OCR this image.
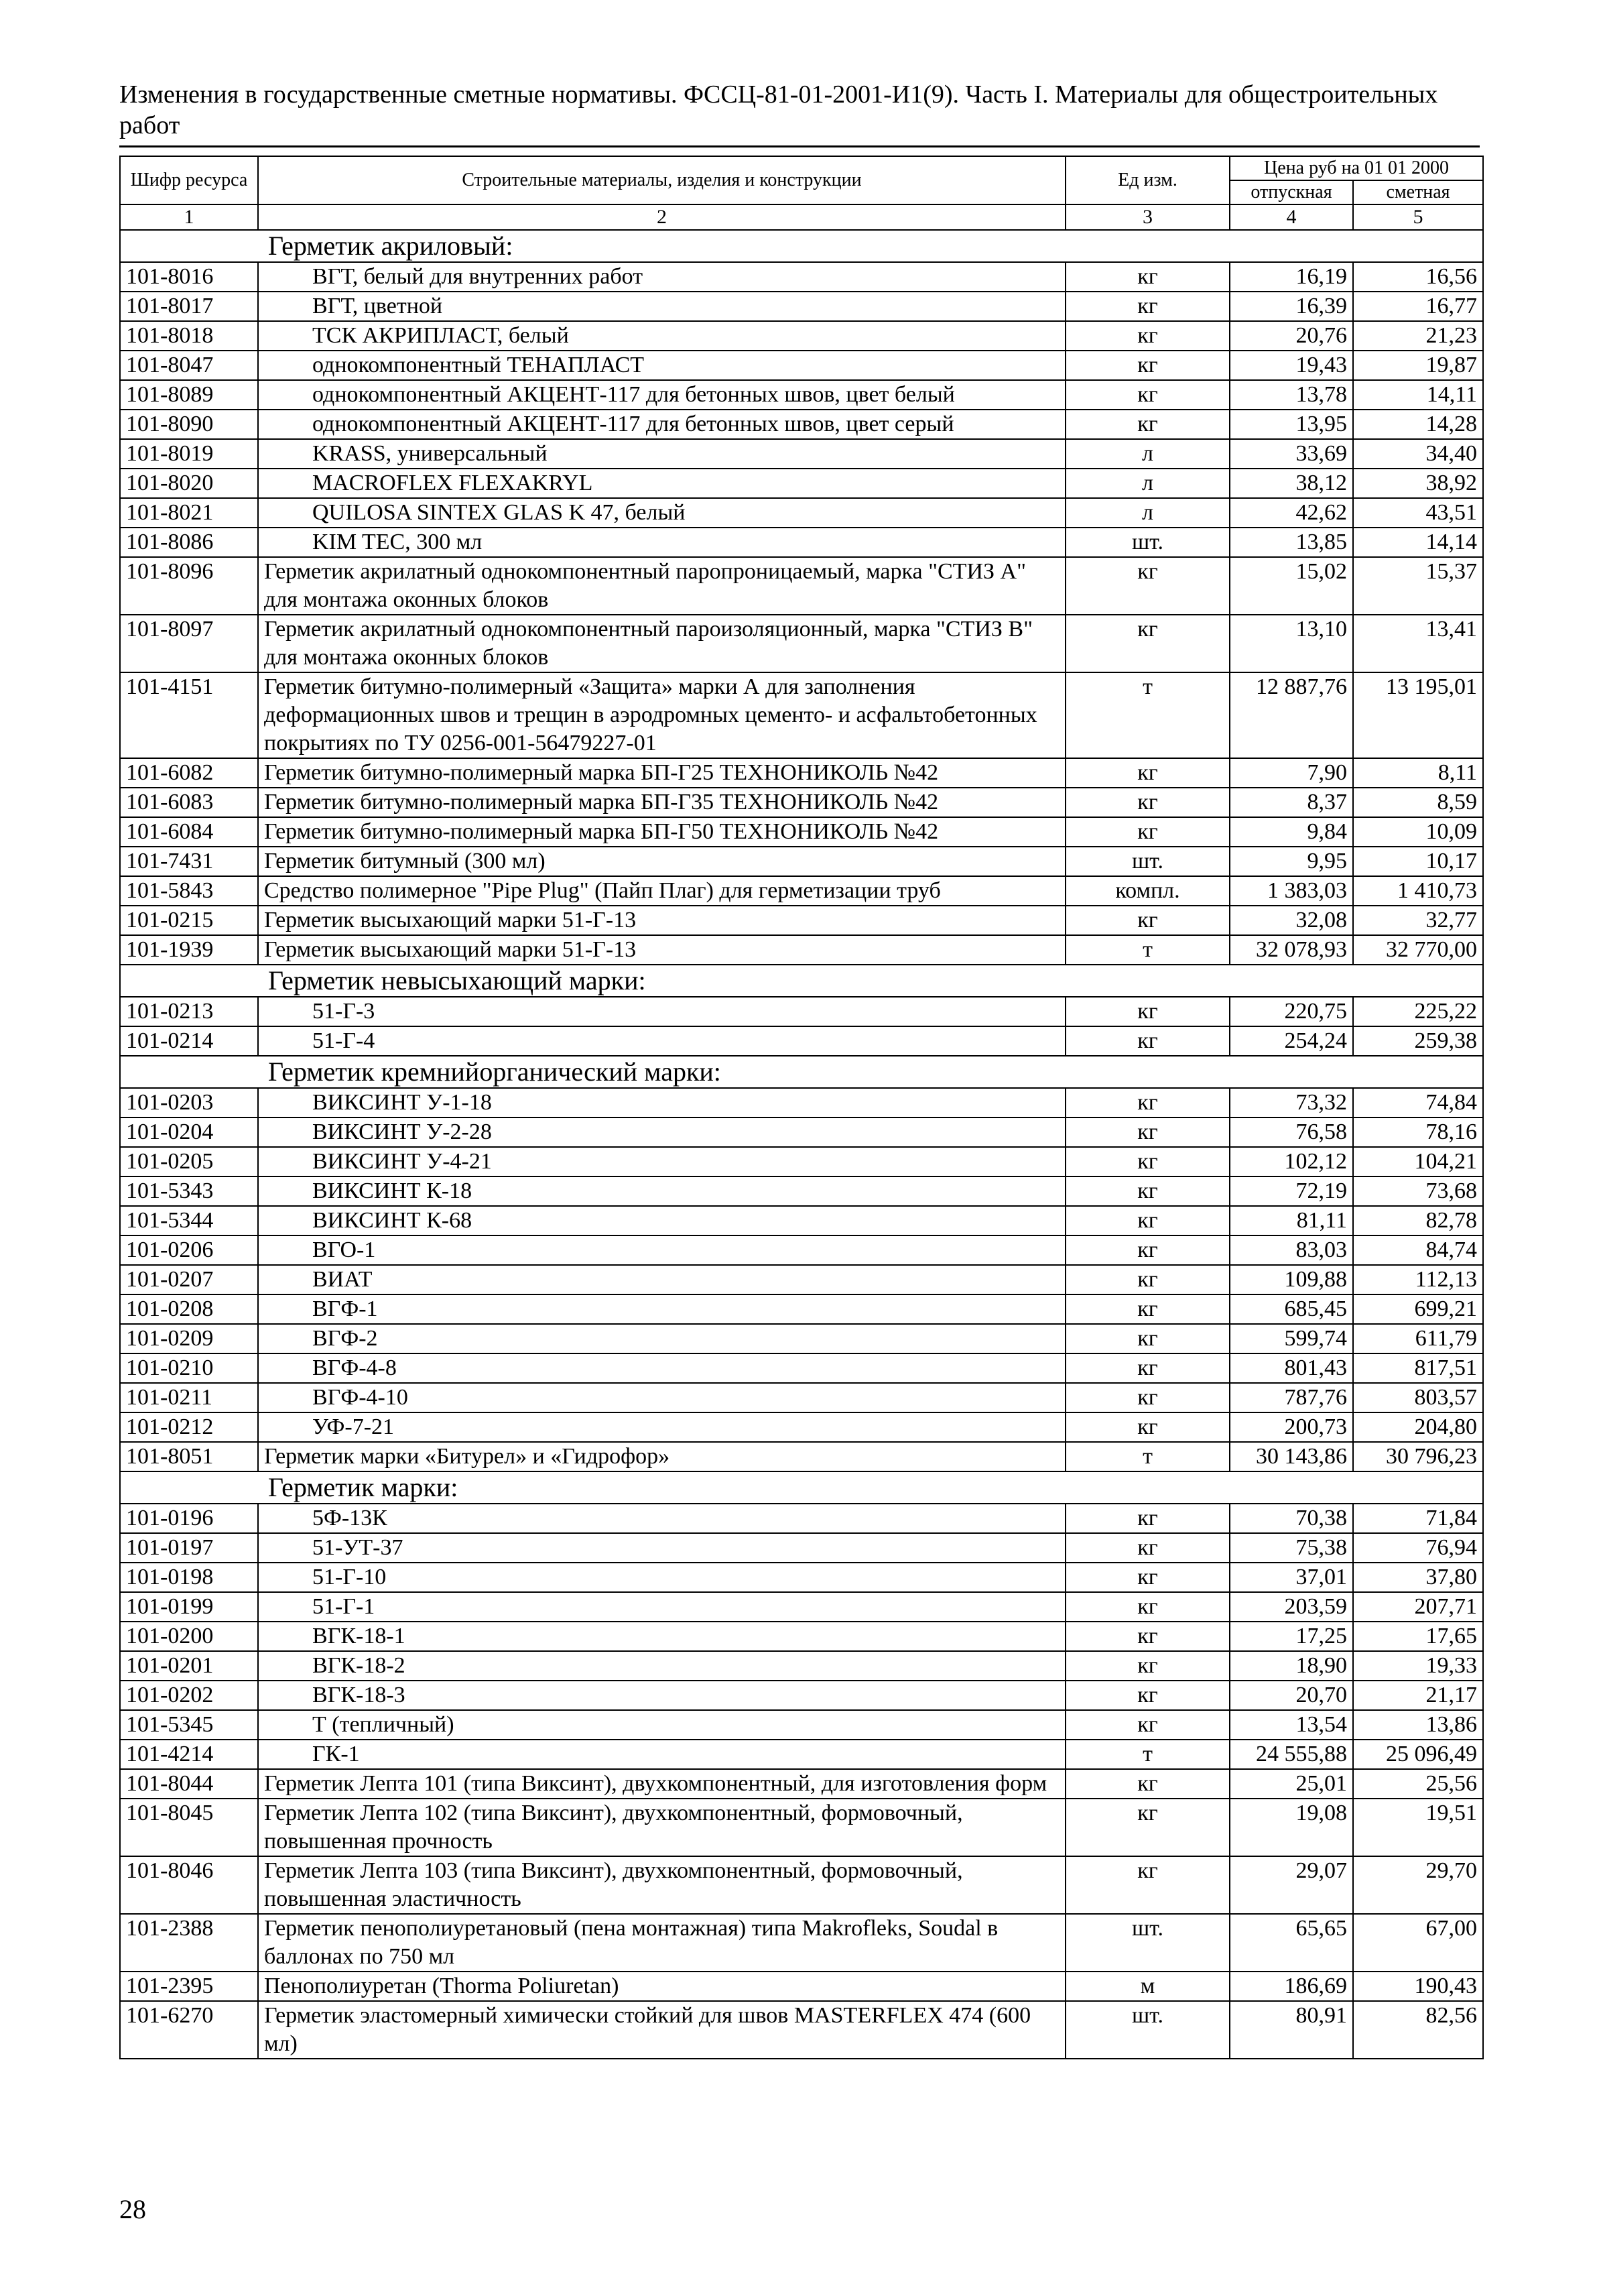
Изменения в государственные сметные нормативы. ФССЦ-81-01-2001-И1(9). Часть I. Материалы для общестроительных работ
Шифр ресурса	Строительные материалы, изделия и конструкции	Ед изм.	Цена руб на 01 01 2000	
			отпускная	сметная
1	2	3	4	5
Герметик акриловый:				
101-8016	ВГТ, белый для внутренних работ	кг	16,19	16,56
101-8017	ВГТ, цветной	кг	16,39	16,77
101-8018	ТСК АКРИПЛАСТ, белый	кг	20,76	21,23
101-8047	однокомпонентный ТЕНАПЛАСТ	кг	19,43	19,87
101-8089	однокомпонентный АКЦЕНТ-117 для бетонных швов, цвет белый	кг	13,78	14,11
101-8090	однокомпонентный АКЦЕНТ-117 для бетонных швов, цвет серый	кг	13,95	14,28
101-8019	KRASS, универсальный	л	33,69	34,40
101-8020	MACROFLEX FLEXAKRYL	л	38,12	38,92
101-8021	QUILOSA SINTEX GLAS K 47, белый	л	42,62	43,51
101-8086	KIM TEC, 300 мл	шт.	13,85	14,14
101-8096	Герметик акрилатный однокомпонентный паропроницаемый, марка "СТИЗ А" для монтажа оконных блоков	кг	15,02	15,37
101-8097	Герметик акрилатный однокомпонентный пароизоляционный, марка "СТИЗ В" для монтажа оконных блоков	кг	13,10	13,41
101-4151	Герметик битумно-полимерный «Защита» марки А для заполнения деформационных швов и трещин в аэродромных цементо- и асфальтобетонных покрытиях по ТУ 0256-001-56479227-01	т	12 887,76	13 195,01
101-6082	Герметик битумно-полимерный марка БП-Г25 ТЕХНОНИКОЛЬ №42	кг	7,90	8,11
101-6083	Герметик битумно-полимерный марка БП-Г35 ТЕХНОНИКОЛЬ №42	кг	8,37	8,59
101-6084	Герметик битумно-полимерный марка БП-Г50 ТЕХНОНИКОЛЬ №42	кг	9,84	10,09
101-7431	Герметик битумный (300 мл)	шт.	9,95	10,17
101-5843	Средство полимерное "Pipe Plug" (Пайп Плаг) для герметизации труб	компл.	1 383,03	1 410,73
101-0215	Герметик высыхающий марки 51-Г-13	кг	32,08	32,77
101-1939	Герметик высыхающий марки 51-Г-13	т	32 078,93	32 770,00
Герметик невысыхающий марки:				
101-0213	51-Г-3	кг	220,75	225,22
101-0214	51-Г-4	кг	254,24	259,38
Герметик кремнийорганический марки:				
101-0203	ВИКСИНТ У-1-18	кг	73,32	74,84
101-0204	ВИКСИНТ У-2-28	кг	76,58	78,16
101-0205	ВИКСИНТ У-4-21	кг	102,12	104,21
101-5343	ВИКСИНТ К-18	кг	72,19	73,68
101-5344	ВИКСИНТ К-68	кг	81,11	82,78
101-0206	ВГО-1	кг	83,03	84,74
101-0207	ВИАТ	кг	109,88	112,13
101-0208	ВГФ-1	кг	685,45	699,21
101-0209	ВГФ-2	кг	599,74	611,79
101-0210	ВГФ-4-8	кг	801,43	817,51
101-0211	ВГФ-4-10	кг	787,76	803,57
101-0212	УФ-7-21	кг	200,73	204,80
101-8051	Герметик марки «Битурел» и «Гидрофор»	т	30 143,86	30 796,23
Герметик марки:				
101-0196	5Ф-13К	кг	70,38	71,84
101-0197	51-УТ-37	кг	75,38	76,94
101-0198	51-Г-10	кг	37,01	37,80
101-0199	51-Г-1	кг	203,59	207,71
101-0200	ВГК-18-1	кг	17,25	17,65
101-0201	ВГК-18-2	кг	18,90	19,33
101-0202	ВГК-18-3	кг	20,70	21,17
101-5345	Т (тепличный)	кг	13,54	13,86
101-4214	ГК-1	т	24 555,88	25 096,49
101-8044	Герметик Лепта 101 (типа Виксинт), двухкомпонентный, для изготовления форм	кг	25,01	25,56
101-8045	Герметик Лепта 102 (типа Виксинт), двухкомпонентный, формовочный, повышенная прочность	кг	19,08	19,51
101-8046	Герметик Лепта 103 (типа Виксинт), двухкомпонентный, формовочный, повышенная эластичность	кг	29,07	29,70
101-2388	Герметик пенополиуретановый (пена монтажная) типа Makrofleks, Soudal в баллонах по 750 мл	шт.	65,65	67,00
101-2395	Пенополиуретан (Thorma Poliuretan)	м	186,69	190,43
101-6270	Герметик эластомерный химически стойкий для швов MASTERFLEX 474 (600 мл)	шт.	80,91	82,56
28
